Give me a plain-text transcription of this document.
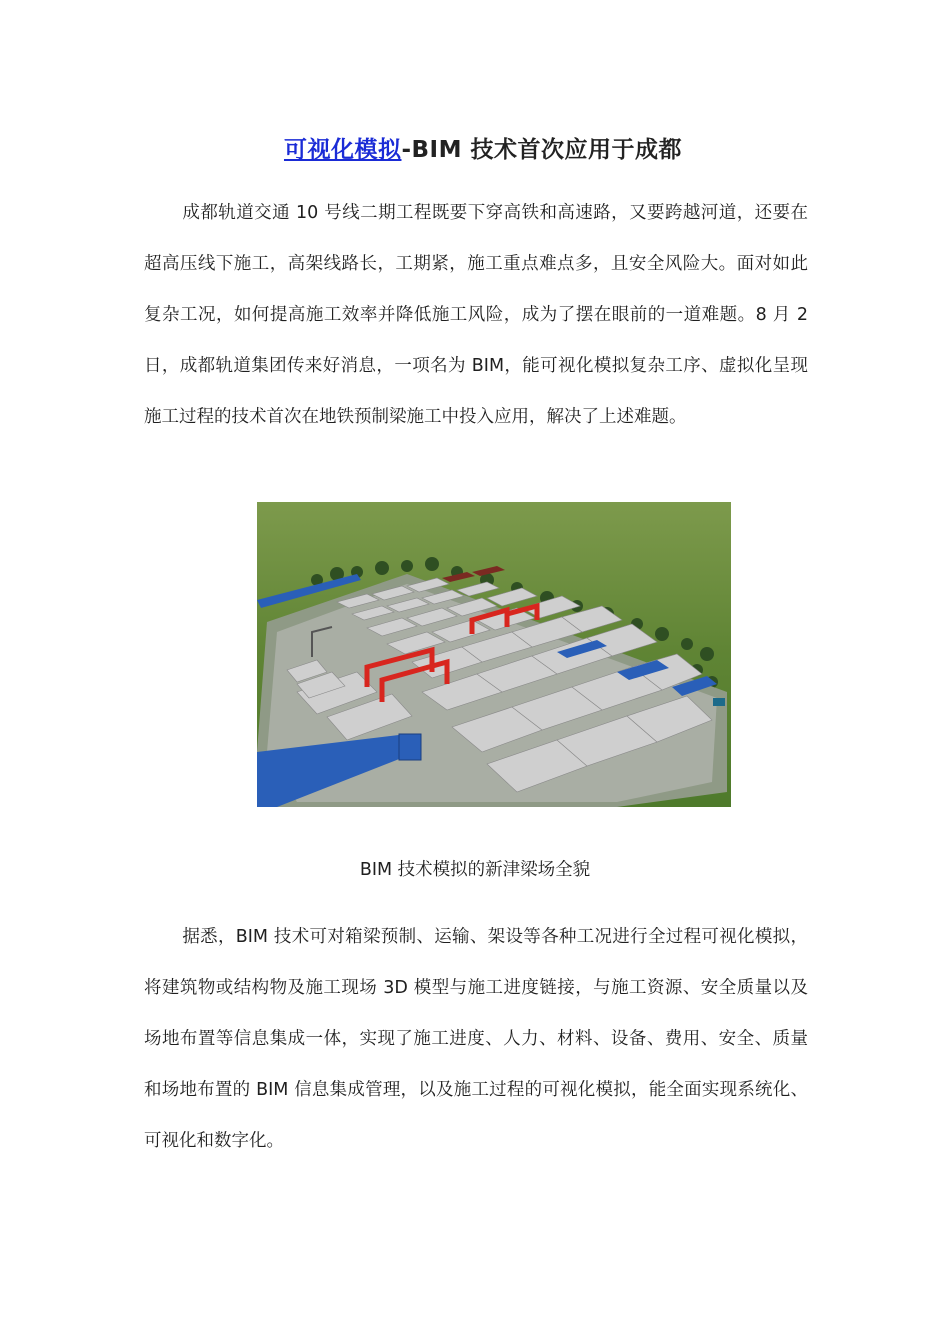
可视化模拟-BIM 技术首次应用于成都

成都轨道交通 10 号线二期工程既要下穿高铁和高速路，又要跨越河道，还要在超高压线下施工，高架线路长，工期紧，施工重点难点多，且安全风险大。面对如此复杂工况，如何提高施工效率并降低施工风险，成为了摆在眼前的一道难题。8 月 2 日，成都轨道集团传来好消息，一项名为 BIM，能可视化模拟复杂工序、虚拟化呈现施工过程的技术首次在地铁预制梁施工中投入应用，解决了上述难题。

BIM 技术模拟的新津梁场全貌

据悉，BIM 技术可对箱梁预制、运输、架设等各种工况进行全过程可视化模拟，将建筑物或结构物及施工现场 3D 模型与施工进度链接，与施工资源、安全质量以及场地布置等信息集成一体，实现了施工进度、人力、材料、设备、费用、安全、质量和场地布置的 BIM 信息集成管理，以及施工过程的可视化模拟，能全面实现系统化、可视化和数字化。
